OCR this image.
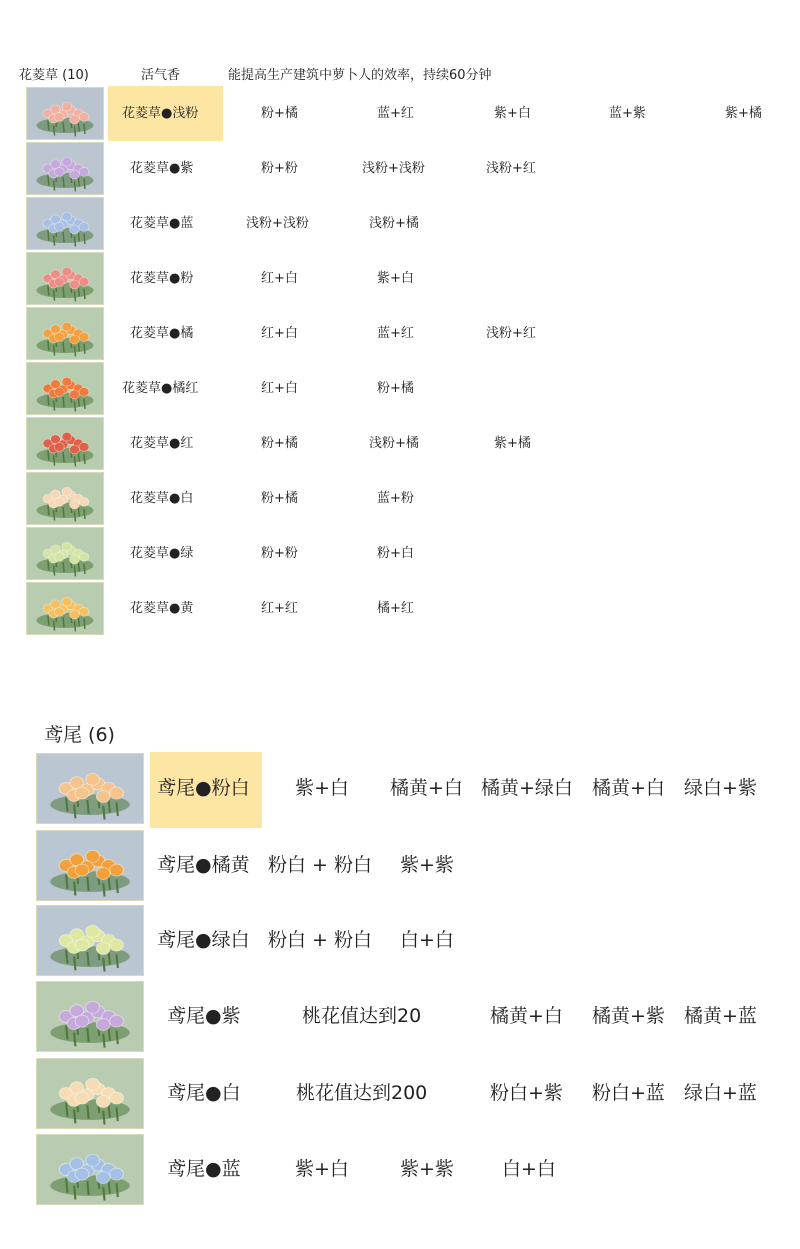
花菱草 (10)	活气香	能提高生产建筑中萝卜人的效率，持续60分钟
花菱草●浅粉	粉+橘	蓝+红	紫+白	蓝+紫	紫+橘
花菱草●紫	粉+粉	浅粉+浅粉	浅粉+红
花菱草●蓝	浅粉+浅粉	浅粉+橘
花菱草●粉	红+白	紫+白
花菱草●橘	红+白	蓝+红	浅粉+红
花菱草●橘红	红+白	粉+橘
花菱草●红	粉+橘	浅粉+橘	紫+橘
花菱草●白	粉+橘	蓝+粉
花菱草●绿	粉+粉	粉+白
花菱草●黄	红+红	橘+红
鸢尾 (6)
鸢尾●粉白 紫+白 橘黄+白 橘黄+绿白 橘黄+白 绿白+紫
鸢尾●橘黄 粉白 + 粉白 紫+紫
鸢尾●绿白 粉白 + 粉白 白+白
鸢尾●紫	桃花值达到20	橘黄+白 橘黄+紫 橘黄+蓝
鸢尾●白	桃花值达到200	粉白+紫 粉白+蓝 绿白+蓝
鸢尾●蓝	紫+白	紫+紫	白+白
